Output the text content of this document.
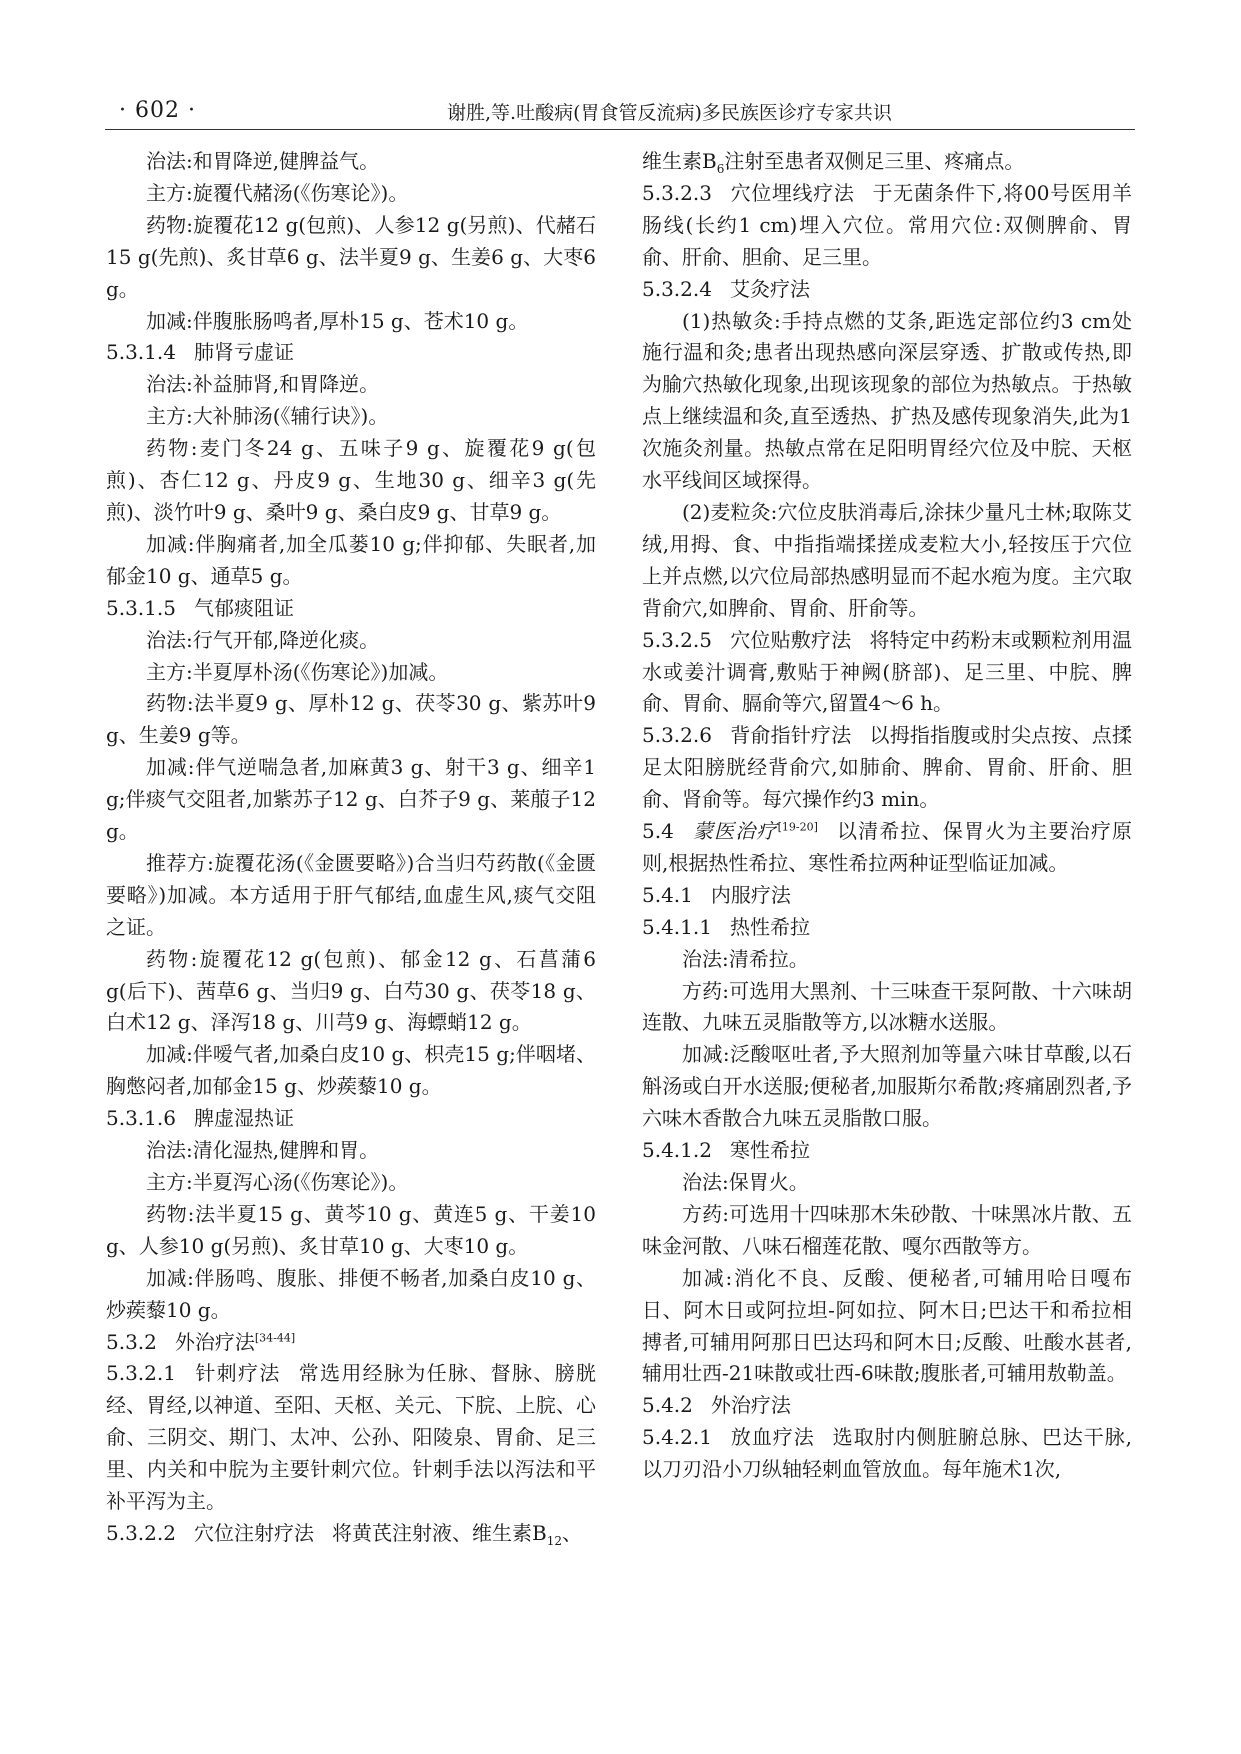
· 602 ·	谢胜,等.吐酸病(胃食管反流病)多民族医诊疗专家共识

治法:和胃降逆,健脾益气。

主方:旋覆代赭汤(《伤寒论》)。

药物:旋覆花12 g(包煎)、人参12 g(另煎)、代赭石15 g(先煎)、炙甘草6 g、法半夏9 g、生姜6 g、大枣6 g。

加减:伴腹胀肠鸣者,厚朴15 g、苍术10 g。

5.3.1.4 肺肾亏虚证

治法:补益肺肾,和胃降逆。

主方:大补肺汤(《辅行诀》)。

药物:麦门冬24 g、五味子9 g、旋覆花9 g(包煎)、杏仁12 g、丹皮9 g、生地30 g、细辛3 g(先煎)、淡竹叶9 g、桑叶9 g、桑白皮9 g、甘草9 g。

加减:伴胸痛者,加全瓜蒌10 g;伴抑郁、失眠者,加郁金10 g、通草5 g。

5.3.1.5 气郁痰阻证

治法:行气开郁,降逆化痰。

主方:半夏厚朴汤(《伤寒论》)加减。

药物:法半夏9 g、厚朴12 g、茯苓30 g、紫苏叶9 g、生姜9 g等。

加减:伴气逆喘急者,加麻黄3 g、射干3 g、细辛1 g;伴痰气交阻者,加紫苏子12 g、白芥子9 g、莱菔子12 g。

推荐方:旋覆花汤(《金匮要略》)合当归芍药散(《金匮要略》)加减。本方适用于肝气郁结,血虚生风,痰气交阻之证。

药物:旋覆花12 g(包煎)、郁金12 g、石菖蒲6 g(后下)、茜草6 g、当归9 g、白芍30 g、茯苓18 g、白术12 g、泽泻18 g、川芎9 g、海螵蛸12 g。

加减:伴嗳气者,加桑白皮10 g、枳壳15 g;伴咽堵、胸憋闷者,加郁金15 g、炒蒺藜10 g。

5.3.1.6 脾虚湿热证

治法:清化湿热,健脾和胃。

主方:半夏泻心汤(《伤寒论》)。

药物:法半夏15 g、黄芩10 g、黄连5 g、干姜10 g、人参10 g(另煎)、炙甘草10 g、大枣10 g。

加减:伴肠鸣、腹胀、排便不畅者,加桑白皮10 g、炒蒺藜10 g。

5.3.2 外治疗法[34-44]

5.3.2.1 针刺疗法 常选用经脉为任脉、督脉、膀胱经、胃经,以神道、至阳、天枢、关元、下脘、上脘、心俞、三阴交、期门、太冲、公孙、阳陵泉、胃俞、足三里、内关和中脘为主要针刺穴位。针刺手法以泻法和平补平泻为主。

5.3.2.2 穴位注射疗法 将黄芪注射液、维生素$B_{12}$、

维生素$B_6$注射至患者双侧足三里、疼痛点。

5.3.2.3 穴位埋线疗法 于无菌条件下,将00号医用羊肠线(长约1 cm)埋入穴位。常用穴位:双侧脾俞、胃俞、肝俞、胆俞、足三里。

5.3.2.4 艾灸疗法

(1)热敏灸:手持点燃的艾条,距选定部位约3 cm处施行温和灸;患者出现热感向深层穿透、扩散或传热,即为腧穴热敏化现象,出现该现象的部位为热敏点。于热敏点上继续温和灸,直至透热、扩热及感传现象消失,此为1次施灸剂量。热敏点常在足阳明胃经穴位及中脘、天枢水平线间区域探得。

(2)麦粒灸:穴位皮肤消毒后,涂抹少量凡士林;取陈艾绒,用拇、食、中指指端揉搓成麦粒大小,轻按压于穴位上并点燃,以穴位局部热感明显而不起水疱为度。主穴取背俞穴,如脾俞、胃俞、肝俞等。

5.3.2.5 穴位贴敷疗法 将特定中药粉末或颗粒剂用温水或姜汁调膏,敷贴于神阙(脐部)、足三里、中脘、脾俞、胃俞、膈俞等穴,留置4～6 h。

5.3.2.6 背俞指针疗法 以拇指指腹或肘尖点按、点揉足太阳膀胱经背俞穴,如肺俞、脾俞、胃俞、肝俞、胆俞、肾俞等。每穴操作约3 min。

5.4 蒙医治疗[19-20] 以清希拉、保胃火为主要治疗原则,根据热性希拉、寒性希拉两种证型临证加减。

5.4.1 内服疗法

5.4.1.1 热性希拉

治法:清希拉。

方药:可选用大黑剂、十三味查干泵阿散、十六味胡连散、九味五灵脂散等方,以冰糖水送服。

加减:泛酸呕吐者,予大照剂加等量六味甘草酸,以石斛汤或白开水送服;便秘者,加服斯尔希散;疼痛剧烈者,予六味木香散合九味五灵脂散口服。

5.4.1.2 寒性希拉

治法:保胃火。

方药:可选用十四味那木朱砂散、十味黑冰片散、五味金河散、八味石榴莲花散、嘎尔西散等方。

加减:消化不良、反酸、便秘者,可辅用哈日嘎布日、阿木日或阿拉坦-阿如拉、阿木日;巴达干和希拉相搏者,可辅用阿那日巴达玛和阿木日;反酸、吐酸水甚者,辅用壮西-21味散或壮西-6味散;腹胀者,可辅用敖勒盖。

5.4.2 外治疗法

5.4.2.1 放血疗法 选取肘内侧脏腑总脉、巴达干脉,以刀刃沿小刀纵轴轻刺血管放血。每年施术1次,
